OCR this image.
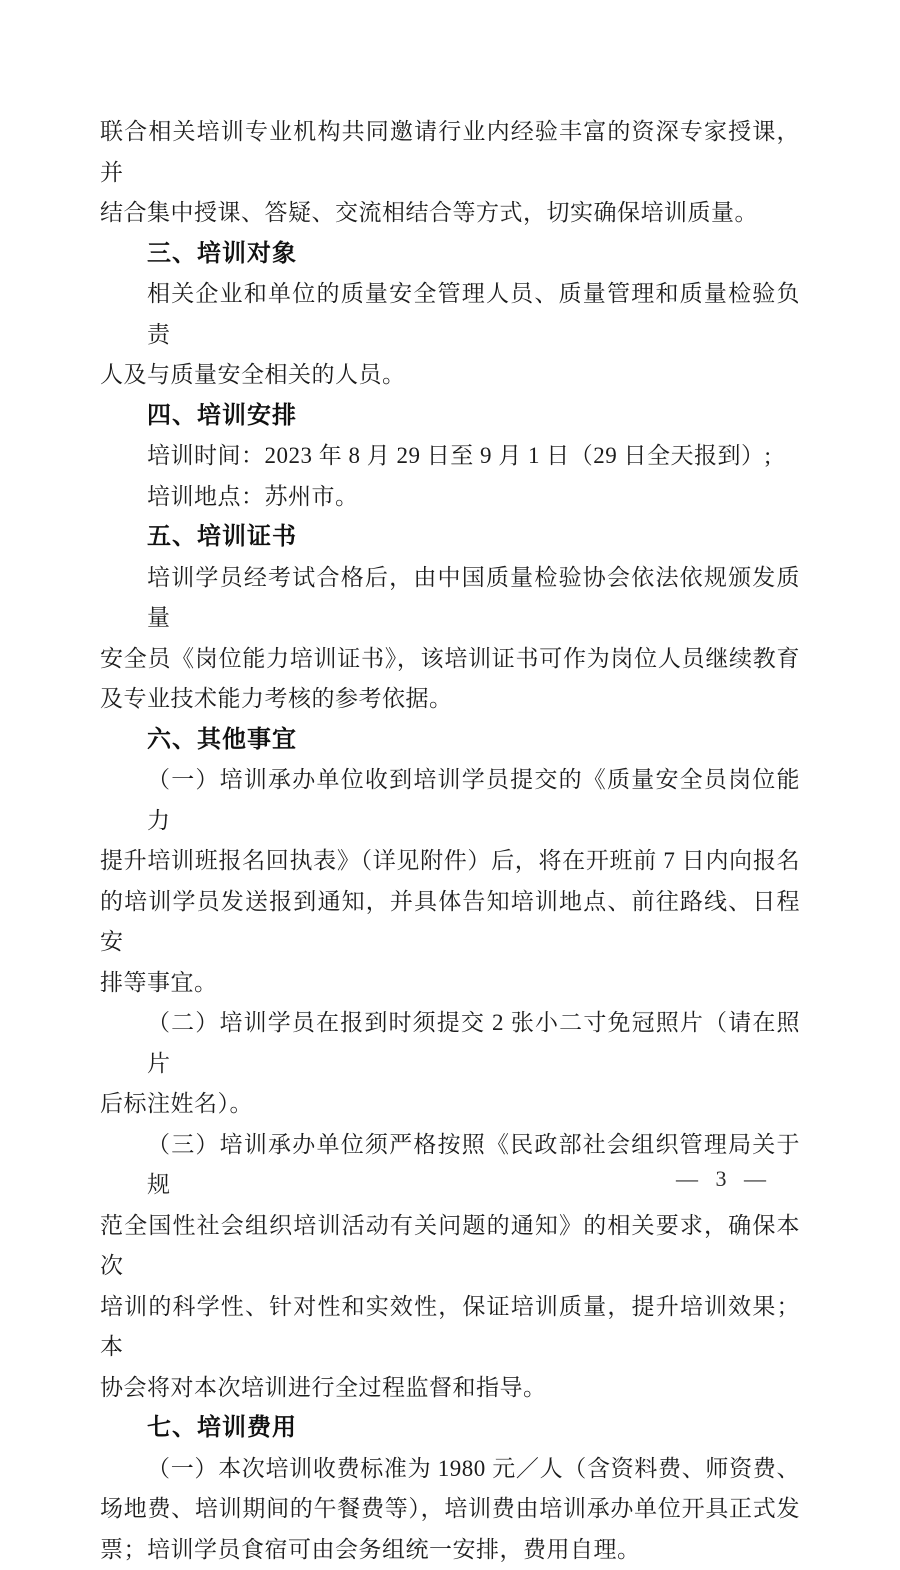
联合相关培训专业机构共同邀请行业内经验丰富的资深专家授课，并
结合集中授课、答疑、交流相结合等方式，切实确保培训质量。
三、培训对象
相关企业和单位的质量安全管理人员、质量管理和质量检验负责
人及与质量安全相关的人员。
四、培训安排
培训时间：2023 年 8 月 29 日至 9 月 1 日（29 日全天报到）;
培训地点：苏州市。
五、培训证书
培训学员经考试合格后，由中国质量检验协会依法依规颁发质量
安全员《岗位能力培训证书》，该培训证书可作为岗位人员继续教育
及专业技术能力考核的参考依据。
六、其他事宜
（一）培训承办单位收到培训学员提交的《质量安全员岗位能力
提升培训班报名回执表》（详见附件）后，将在开班前 7 日内向报名
的培训学员发送报到通知，并具体告知培训地点、前往路线、日程安
排等事宜。
（二）培训学员在报到时须提交 2 张小二寸免冠照片（请在照片
后标注姓名）。
（三）培训承办单位须严格按照《民政部社会组织管理局关于规
范全国性社会组织培训活动有关问题的通知》的相关要求，确保本次
培训的科学性、针对性和实效性，保证培训质量，提升培训效果；本
协会将对本次培训进行全过程监督和指导。
七、培训费用
（一）本次培训收费标准为 1980 元／人（含资料费、师资费、
场地费、培训期间的午餐费等），培训费由培训承办单位开具正式发
票；培训学员食宿可由会务组统一安排，费用自理。
— 3 —
